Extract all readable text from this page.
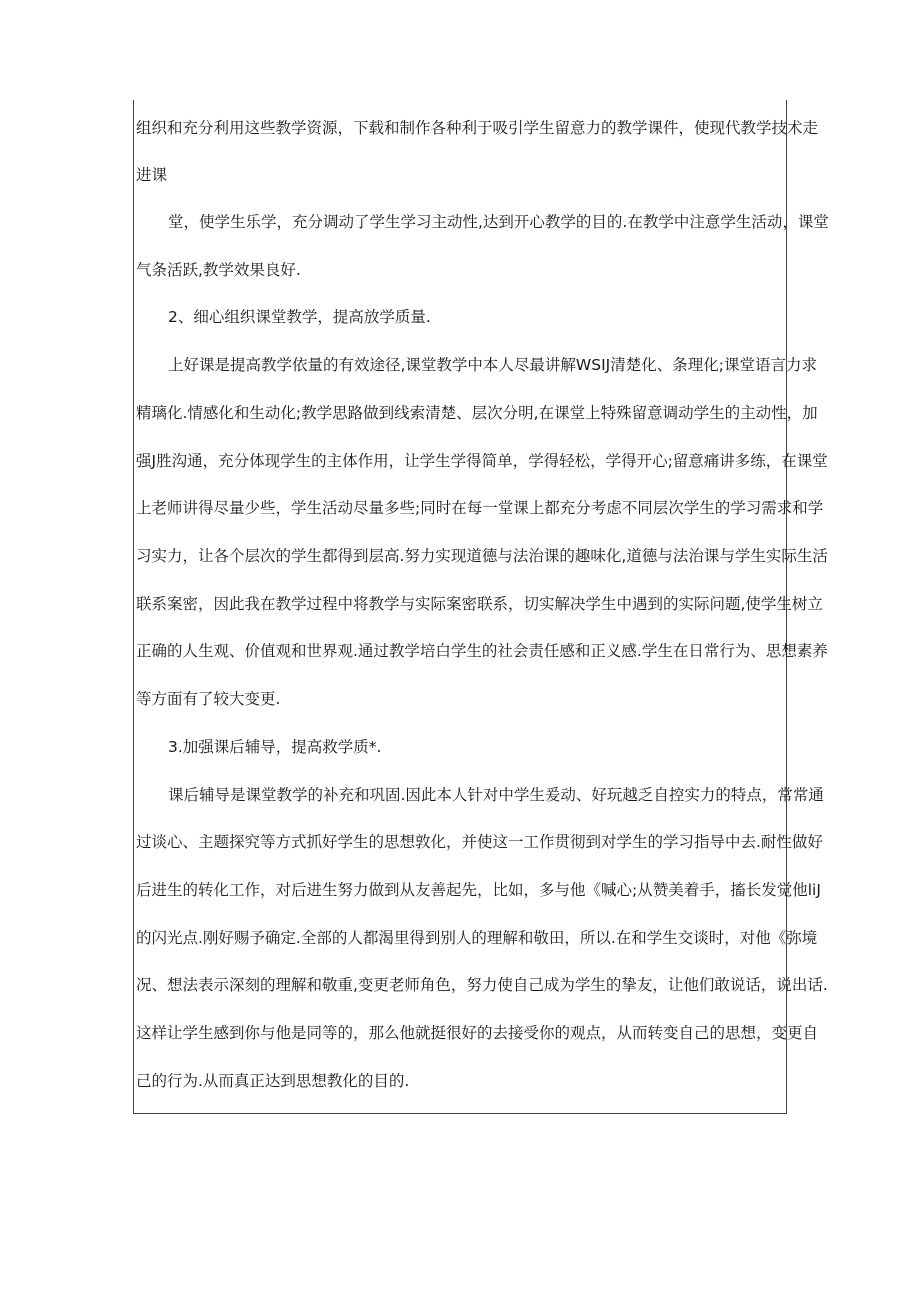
组织和充分利用这些教学资源，下载和制作各种利于吸引学生留意力的教学课件，使现代教学技术走
进课
堂，使学生乐学，充分调动了学生学习主动性,达到开心教学的目的.在教学中注意学生活动，课堂
气条活跃,教学效果良好.
2、细心组织课堂教学，提高放学质量.
上好课是提高教学依量的有效途径,课堂教学中本人尽最讲解WSIJ清楚化、条理化;课堂语言力求
精璃化.情感化和生动化;教学思路做到线索清楚、层次分明,在课堂上特殊留意调动学生的主动性，加
强J胜沟通，充分体现学生的主体作用，让学生学得简单，学得轻松，学得开心;留意痛讲多练，在课堂
上老师讲得尽量少些，学生活动尽量多些;同时在每一堂课上都充分考虑不同层次学生的学习需求和学
习实力，让各个层次的学生都得到层高.努力实现道德与法治课的趣味化,道德与法治课与学生实际生活
联系案密，因此我在教学过程中将教学与实际案密联系，切实解决学生中遇到的实际问题,使学生树立
正确的人生观、价值观和世界观.通过教学培白学生的社会责任感和正义感.学生在日常行为、思想素养
等方面有了较大变更.
3.加强课后辅导，提高救学质*.
课后辅导是课堂教学的补充和巩固.因此本人针对中学生爰动、好玩越乏自控实力的特点，常常通
过谈心、主题探究等方式抓好学生的思想敦化，并使这一工作贯彻到对学生的学习指导中去.耐性做好
后进生的转化工作，对后进生努力做到从友善起先，比如，多与他《喊心;从赞美着手，搐长发觉他liJ
的闪光点.刚好赐予确定.全部的人都渴里得到别人的理解和敬田，所以.在和学生交谈时，对他《弥境
况、想法表示深刻的理解和敬重,变更老师角色，努力使自己成为学生的挚友，让他们敢说话，说出话.
这样让学生感到你与他是同等的，那么他就挺很好的去接受你的观点，从而转变自己的思想，变更自
己的行为.从而真正达到思想教化的目的.
